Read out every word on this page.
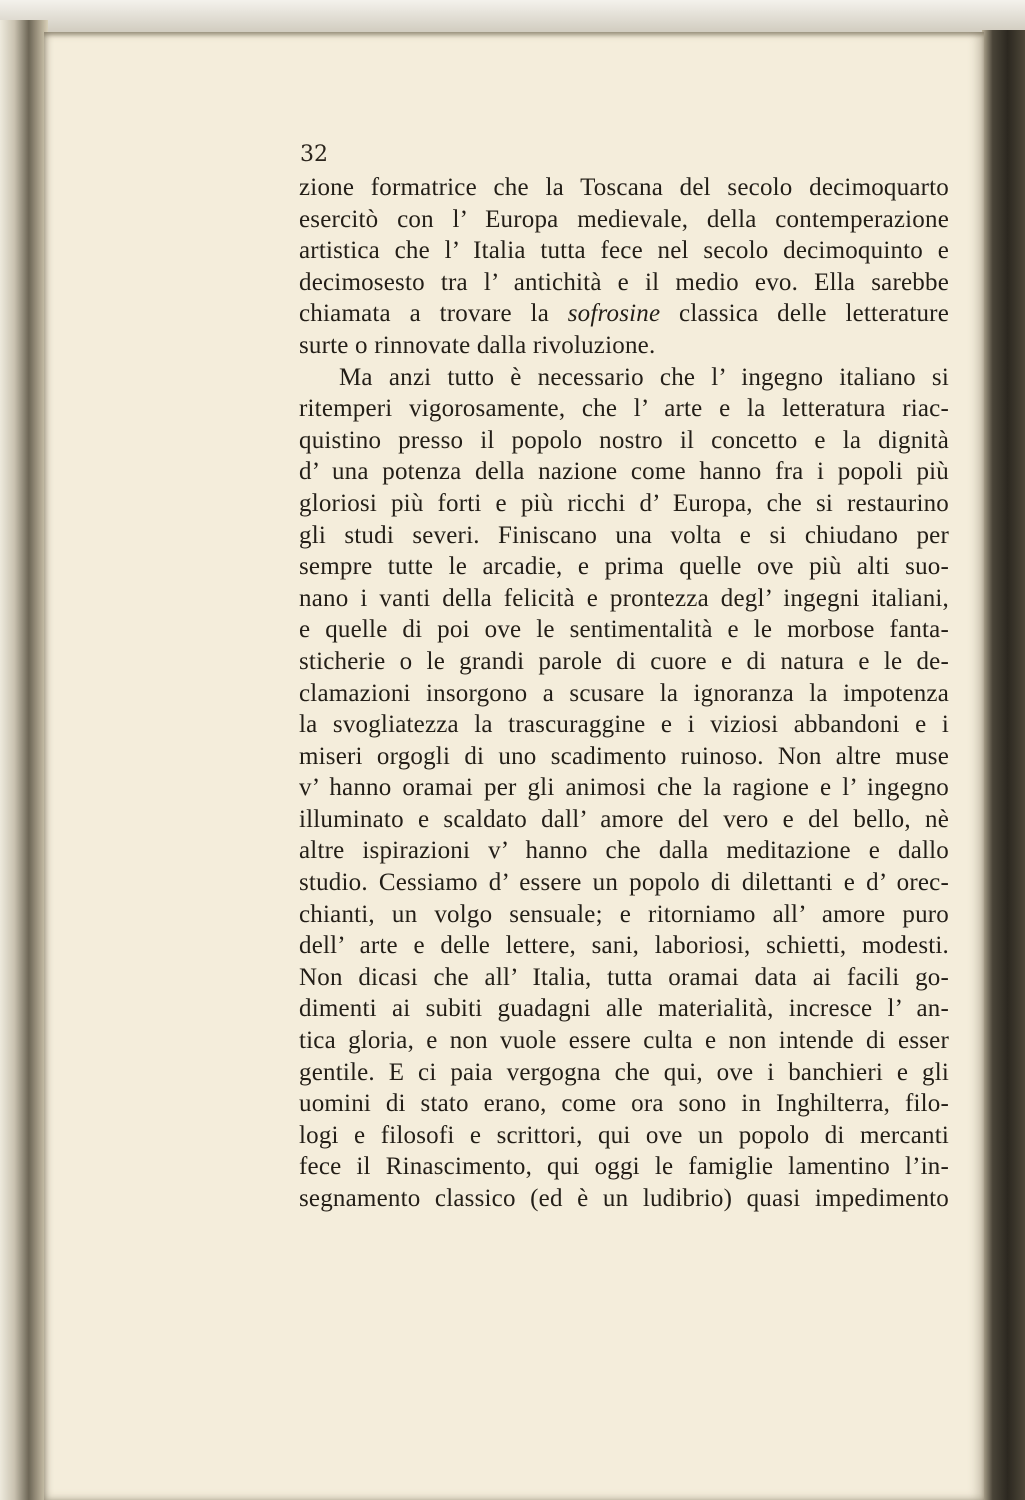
32
zione formatrice che la Toscana del secolo decimoquarto
esercitò con l’ Europa medievale, della contemperazione
artistica che l’ Italia tutta fece nel secolo decimoquinto e
decimosesto tra l’ antichità e il medio evo. Ella sarebbe
chiamata a trovare la sofrosine classica delle letterature
surte o rinnovate dalla rivoluzione.
Ma anzi tutto è necessario che l’ ingegno italiano si
ritemperi vigorosamente, che l’ arte e la letteratura riac-
quistino presso il popolo nostro il concetto e la dignità
d’ una potenza della nazione come hanno fra i popoli più
gloriosi più forti e più ricchi d’ Europa, che si restaurino
gli studi severi. Finiscano una volta e si chiudano per
sempre tutte le arcadie, e prima quelle ove più alti suo-
nano i vanti della felicità e prontezza degl’ ingegni italiani,
e quelle di poi ove le sentimentalità e le morbose fanta-
sticherie o le grandi parole di cuore e di natura e le de-
clamazioni insorgono a scusare la ignoranza la impotenza
la svogliatezza la trascuraggine e i viziosi abbandoni e i
miseri orgogli di uno scadimento ruinoso. Non altre muse
v’ hanno oramai per gli animosi che la ragione e l’ ingegno
illuminato e scaldato dall’ amore del vero e del bello, nè
altre ispirazioni v’ hanno che dalla meditazione e dallo
studio. Cessiamo d’ essere un popolo di dilettanti e d’ orec-
chianti, un volgo sensuale; e ritorniamo all’ amore puro
dell’ arte e delle lettere, sani, laboriosi, schietti, modesti.
Non dicasi che all’ Italia, tutta oramai data ai facili go-
dimenti ai subiti guadagni alle materialità, incresce l’ an-
tica gloria, e non vuole essere culta e non intende di esser
gentile. E ci paia vergogna che qui, ove i banchieri e gli
uomini di stato erano, come ora sono in Inghilterra, filo-
logi e filosofi e scrittori, qui ove un popolo di mercanti
fece il Rinascimento, qui oggi le famiglie lamentino l’in-
segnamento classico (ed è un ludibrio) quasi impedimento
